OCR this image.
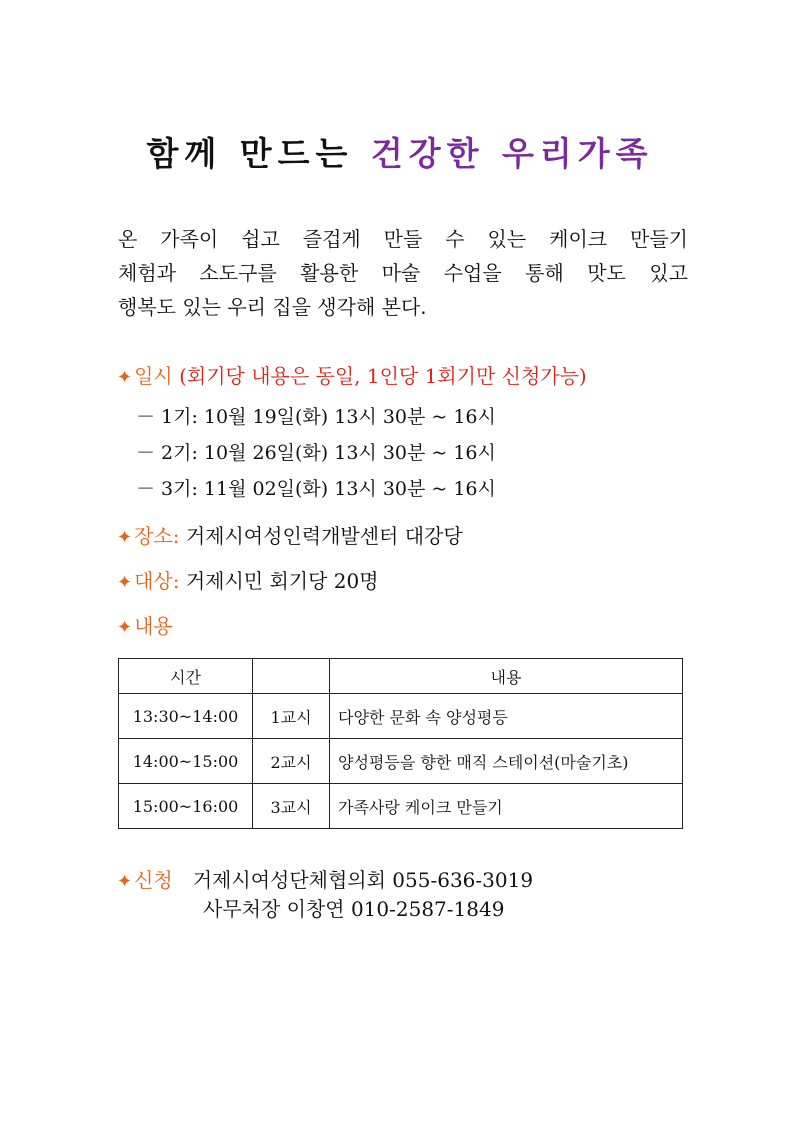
함께 만드는 건강한 우리가족
온 가족이 쉽고 즐겁게 만들 수 있는 케이크 만들기
체험과 소도구를 활용한 마술 수업을 통해 맛도 있고
행복도 있는 우리 집을 생각해 본다.
✦ 일시 (회기당 내용은 동일, 1인당 1회기만 신청가능)
－ 1기: 10월 19일(화) 13시 30분 ~ 16시
－ 2기: 10월 26일(화) 13시 30분 ~ 16시
－ 3기: 11월 02일(화) 13시 30분 ~ 16시
✦ 장소: 거제시여성인력개발센터 대강당
✦ 대상: 거제시민 회기당 20명
✦ 내용
시간		내용
13:30~14:00	1교시	다양한 문화 속 양성평등
14:00~15:00	2교시	양성평등을 향한 매직 스테이션(마술기초)
15:00~16:00	3교시	가족사랑 케이크 만들기
✦ 신청 거제시여성단체협의회 055-636-3019
사무처장 이창연 010-2587-1849
